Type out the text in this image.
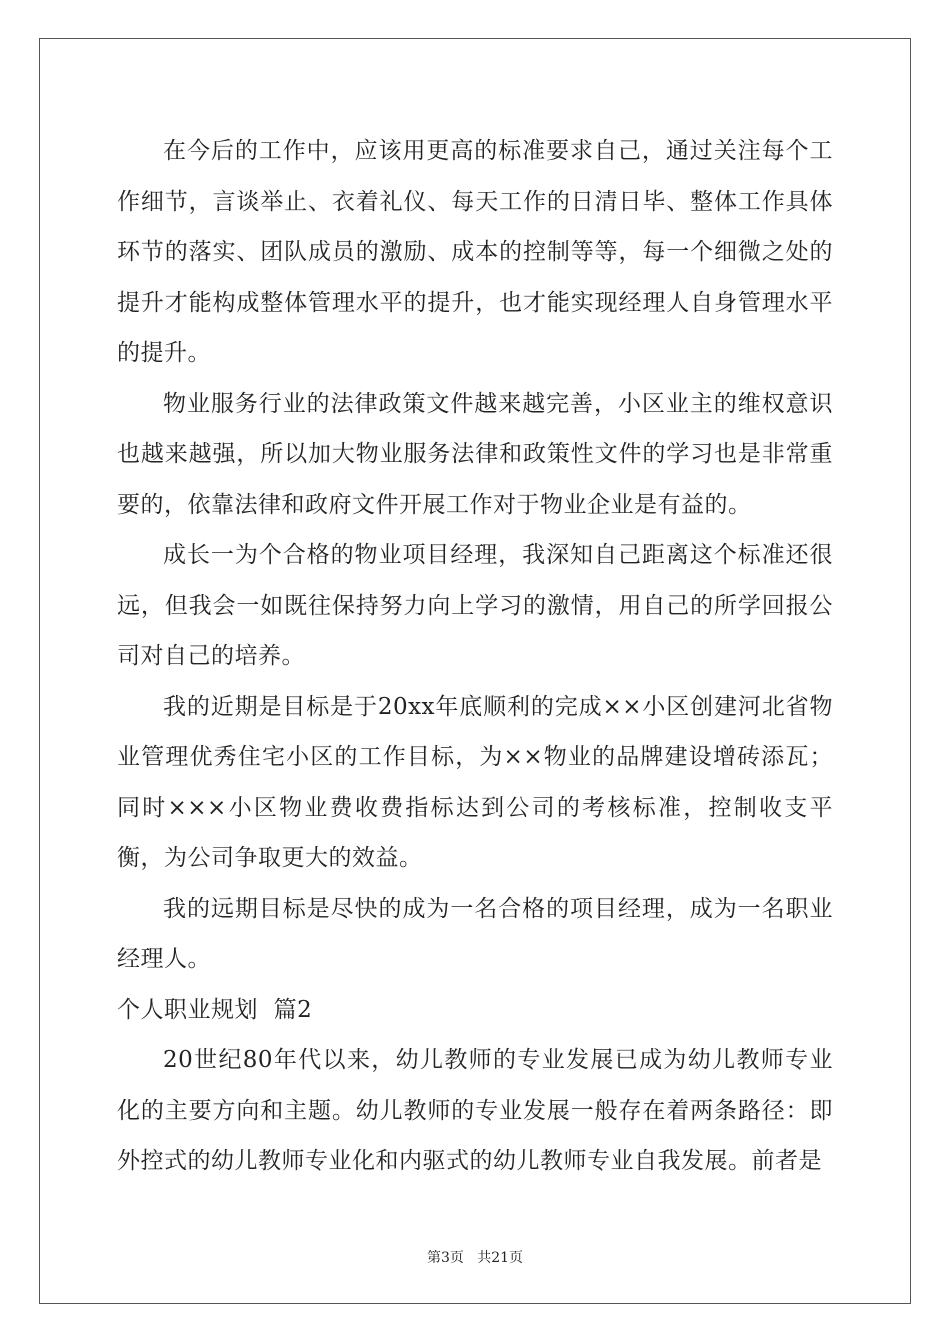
在今后的工作中，应该用更高的标准要求自己，通过关注每个工作细节，言谈举止、衣着礼仪、每天工作的日清日毕、整体工作具体环节的落实、团队成员的激励、成本的控制等等，每一个细微之处的提升才能构成整体管理水平的提升，也才能实现经理人自身管理水平的提升。

物业服务行业的法律政策文件越来越完善，小区业主的维权意识也越来越强，所以加大物业服务法律和政策性文件的学习也是非常重要的，依靠法律和政府文件开展工作对于物业企业是有益的。

成长一为个合格的物业项目经理，我深知自己距离这个标准还很远，但我会一如既往保持努力向上学习的激情，用自己的所学回报公司对自己的培养。

我的近期是目标是于20xx年底顺利的完成××小区创建河北省物业管理优秀住宅小区的工作目标，为××物业的品牌建设增砖添瓦；同时×××小区物业费收费指标达到公司的考核标准，控制收支平衡，为公司争取更大的效益。

我的远期目标是尽快的成为一名合格的项目经理，成为一名职业经理人。

个人职业规划  篇2

20世纪80年代以来，幼儿教师的专业发展已成为幼儿教师专业化的主要方向和主题。幼儿教师的专业发展一般存在着两条路径：即外控式的幼儿教师专业化和内驱式的幼儿教师专业自我发展。前者是

第3页   共21页
